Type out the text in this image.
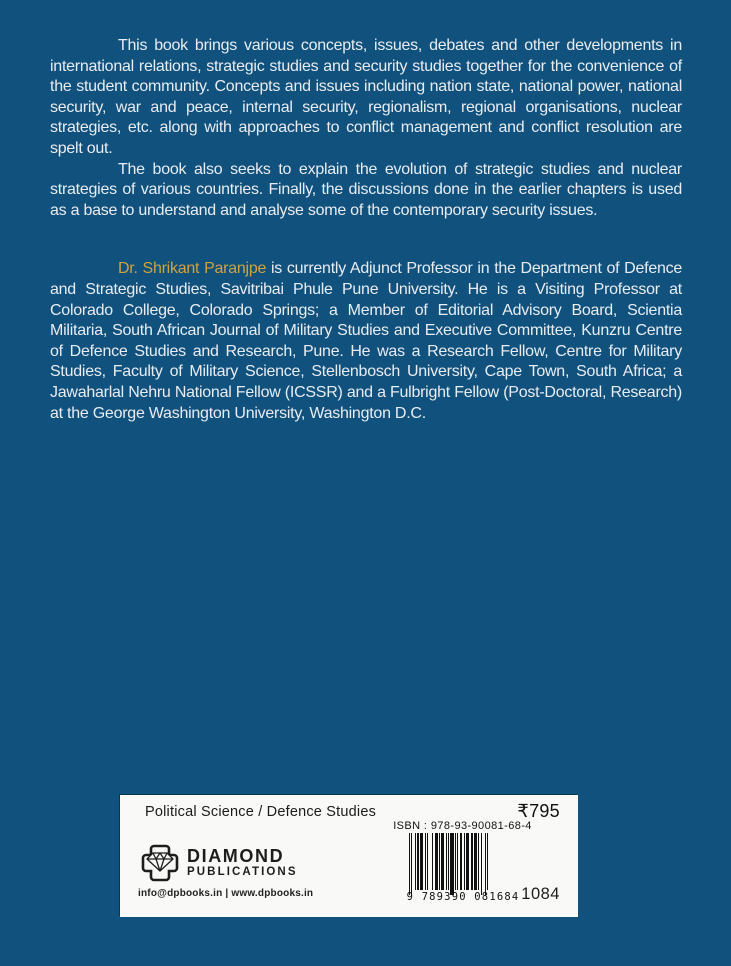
This book brings various concepts, issues, debates and other developments in international relations, strategic studies and security studies together for the convenience of the student community. Concepts and issues including nation state, national power, national security, war and peace, internal security, regionalism, regional organisations, nuclear strategies, etc. along with approaches to conflict management and conflict resolution are spelt out.

The book also seeks to explain the evolution of strategic studies and nuclear strategies of various countries. Finally, the discussions done in the earlier chapters is used as a base to understand and analyse some of the contemporary security issues.

Dr. Shrikant Paranjpe is currently Adjunct Professor in the Department of Defence and Strategic Studies, Savitribai Phule Pune University. He is a Visiting Professor at Colorado College, Colorado Springs; a Member of Editorial Advisory Board, Scientia Militaria, South African Journal of Military Studies and Executive Committee, Kunzru Centre of Defence Studies and Research, Pune. He was a Research Fellow, Centre for Military Studies, Faculty of Military Science, Stellenbosch University, Cape Town, South Africa; a Jawaharlal Nehru National Fellow (ICSSR) and a Fulbright Fellow (Post-Doctoral, Research) at the George Washington University, Washington D.C.

Political Science / Defence Studies	₹795
ISBN : 978-93-90081-68-4
9 789390 081684 1084
DIAMOND
PUBLICATIONS
info@dpbooks.in | www.dpbooks.in
